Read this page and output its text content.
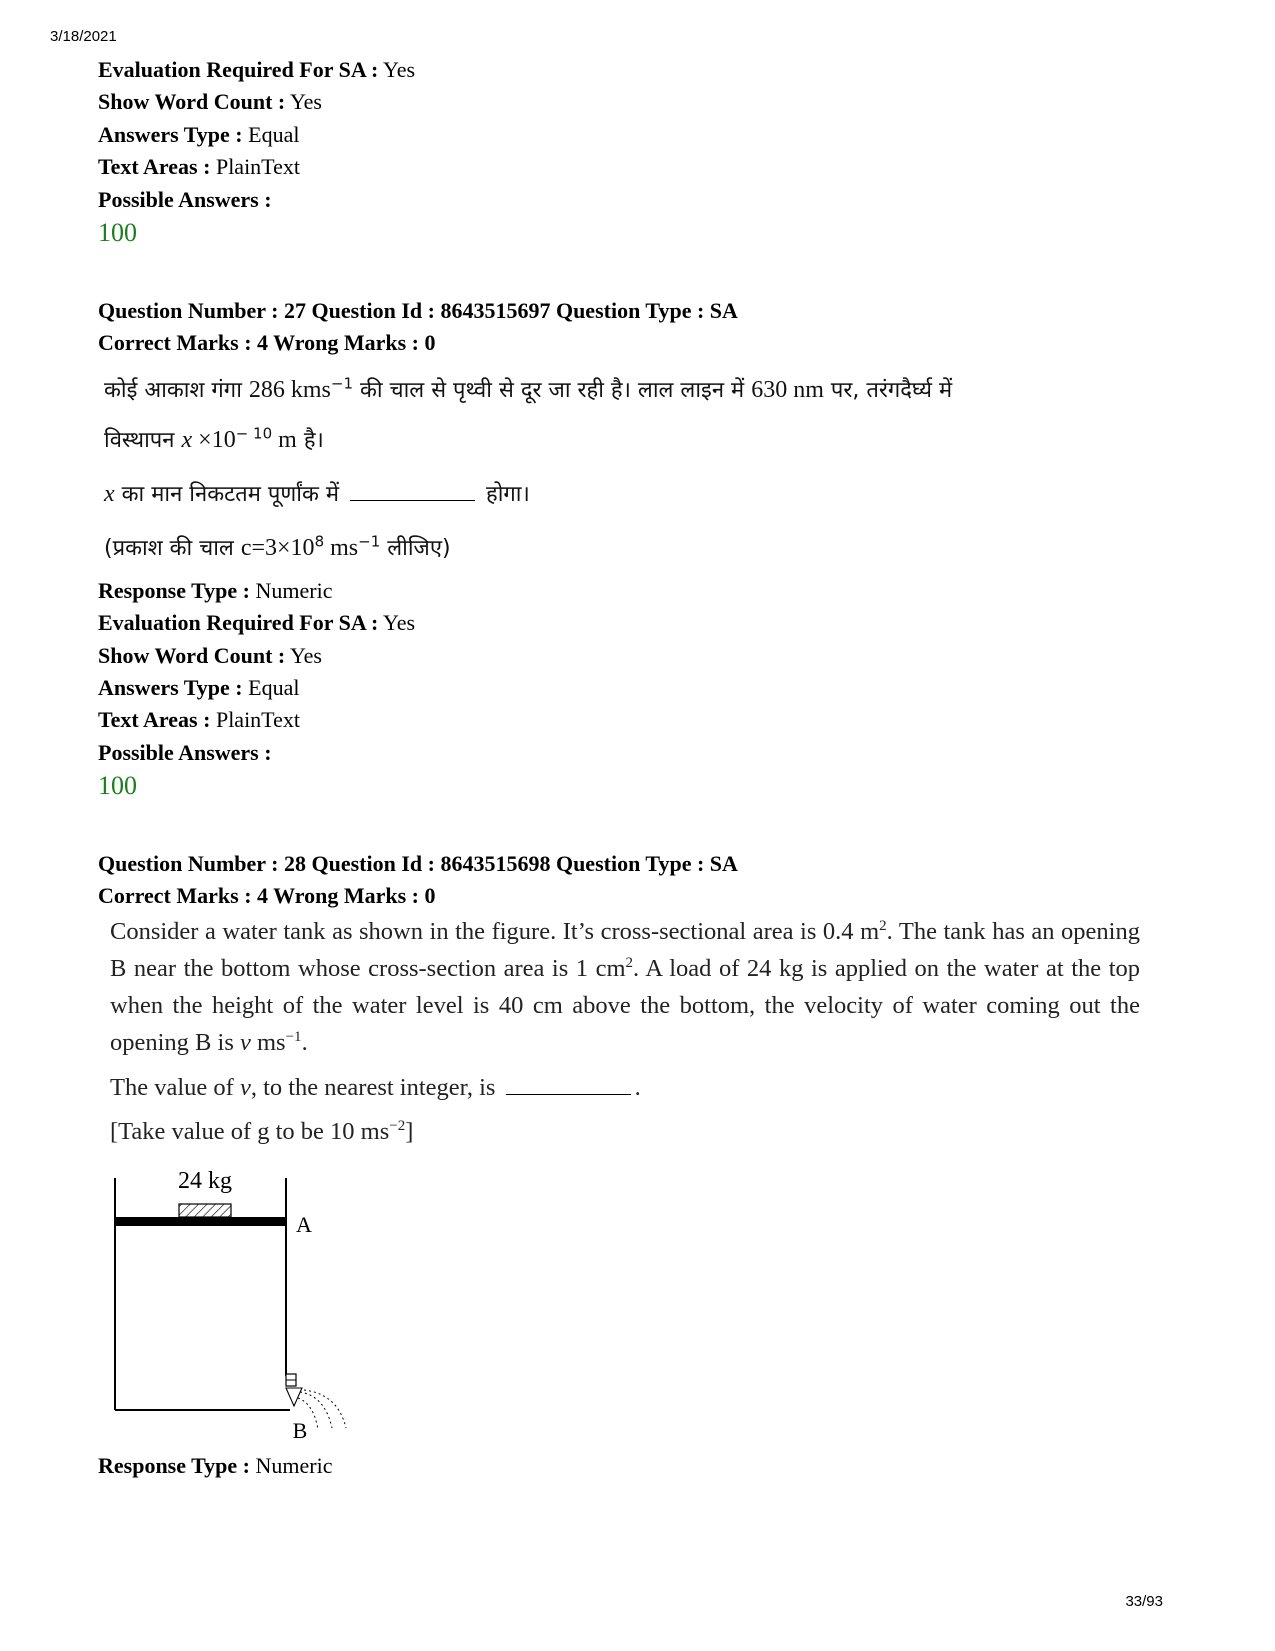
3/18/2021
Evaluation Required For SA : Yes
Show Word Count : Yes
Answers Type : Equal
Text Areas : PlainText
Possible Answers :
100
Question Number : 27 Question Id : 8643515697 Question Type : SA
Correct Marks : 4 Wrong Marks : 0
कोई आकाश गंगा 286 kms$^{-1}$ की चाल से पृथ्वी से दूर जा रही है। लाल लाइन में 630 nm पर, तरंगदैर्घ्य में
विस्थापन $x \times 10^{- 10}$ m है।
x का मान निकटतम पूर्णांक में	होगा।
(प्रकाश की चाल $c=3\times 10^8$ $ms^{-1}$ लीजिए)
Response Type : Numeric
Evaluation Required For SA : Yes
Show Word Count : Yes
Answers Type : Equal
Text Areas : PlainText
Possible Answers :
100
Question Number : 28 Question Id : 8643515698 Question Type : SA
Correct Marks : 4 Wrong Marks : 0

Consider a water tank as shown in the figure. It’s cross-sectional area is 0.4 $m^2$. The tank has an opening B near the bottom whose cross-section area is 1 $cm^2$. A load of 24 kg is applied on the water at the top when the height of the water level is 40 cm above the bottom, the velocity of water coming out the opening B is v $ms^{-1}$.

The value of v, to the nearest integer, is	.
[Take value of g to be 10 $ms^{-2}$]
24 kg
A
B
Response Type : Numeric
33/93
